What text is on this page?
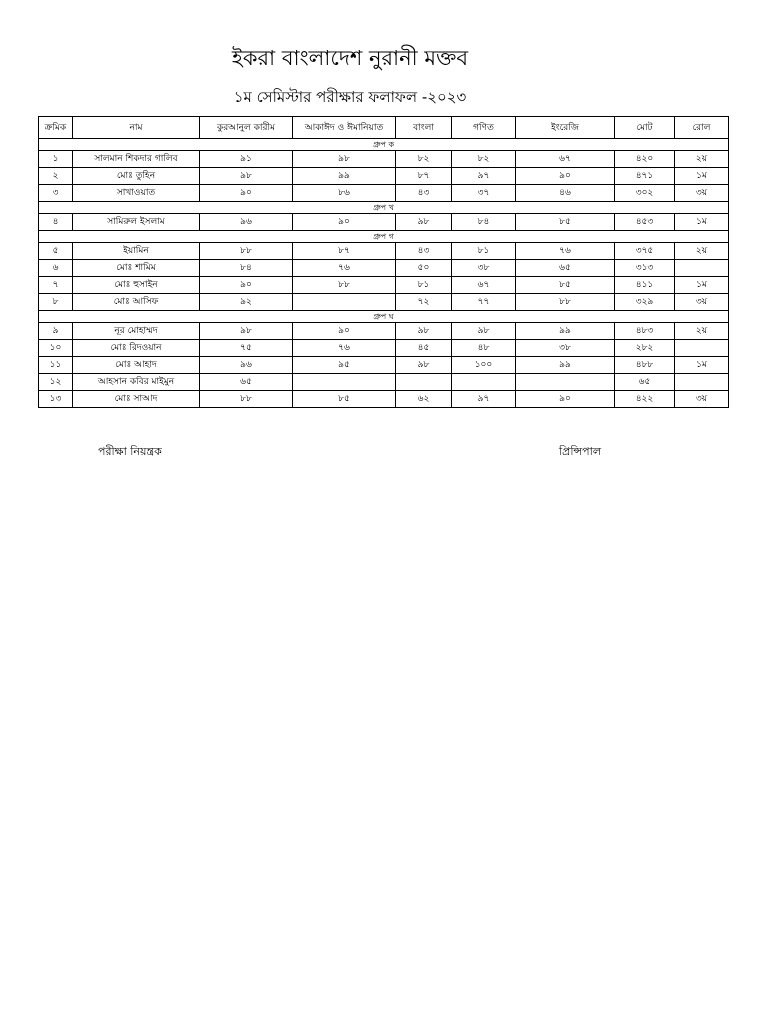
ইকরা বাংলাদেশ নুরানী মক্তব
১ম সেমিস্টার পরীক্ষার ফলাফল -২০২৩
ক্রমিক	নাম	কুরআনুল কারীম	আকাঈদ ও ঈমানিয়াত	বাংলা	গণিত	ইংরেজি	মোট	রোল
গ্রুপ ক								
১	সালমান শিকদার গালিব	৯১	৯৮	৮২	৮২	৬৭	৪২০	২য়
২	মোঃ তুহিন	৯৮	৯৯	৮৭	৯৭	৯০	৪৭১	১ম
৩	সাখাওয়াত	৯০	৮৬	৪৩	৩৭	৪৬	৩০২	৩য়
গ্রুপ খ								
৪	সামিরুল ইসলাম	৯৬	৯০	৯৮	৮৪	৮৫	৪৫৩	১ম
গ্রুপ গ								
৫	ইয়ামিন	৮৮	৮৭	৪৩	৮১	৭৬	৩৭৫	২য়
৬	মোঃ শামিম	৮৪	৭৬	৫০	৩৮	৬৫	৩১৩	
৭	মোঃ হুসাইন	৯০	৮৮	৮১	৬৭	৮৫	৪১১	১ম
৮	মোঃ আসিফ	৯২		৭২	৭৭	৮৮	৩২৯	৩য়
গ্রুপ ঘ								
৯	নূর মোহাম্মদ	৯৮	৯০	৯৮	৯৮	৯৯	৪৮৩	২য়
১০	মোঃ রিদওয়ান	৭৫	৭৬	৪৫	৪৮	৩৮	২৮২	
১১	মোঃ আহাদ	৯৬	৯৫	৯৮	১০০	৯৯	৪৮৮	১ম
১২	আহসান কবির মাইমুন	৬৫					৬৫	
১৩	মোঃ সাআদ	৮৮	৮৫	৬২	৯৭	৯০	৪২২	৩য়
পরীক্ষা নিয়ন্ত্রক	প্রিন্সিপাল
